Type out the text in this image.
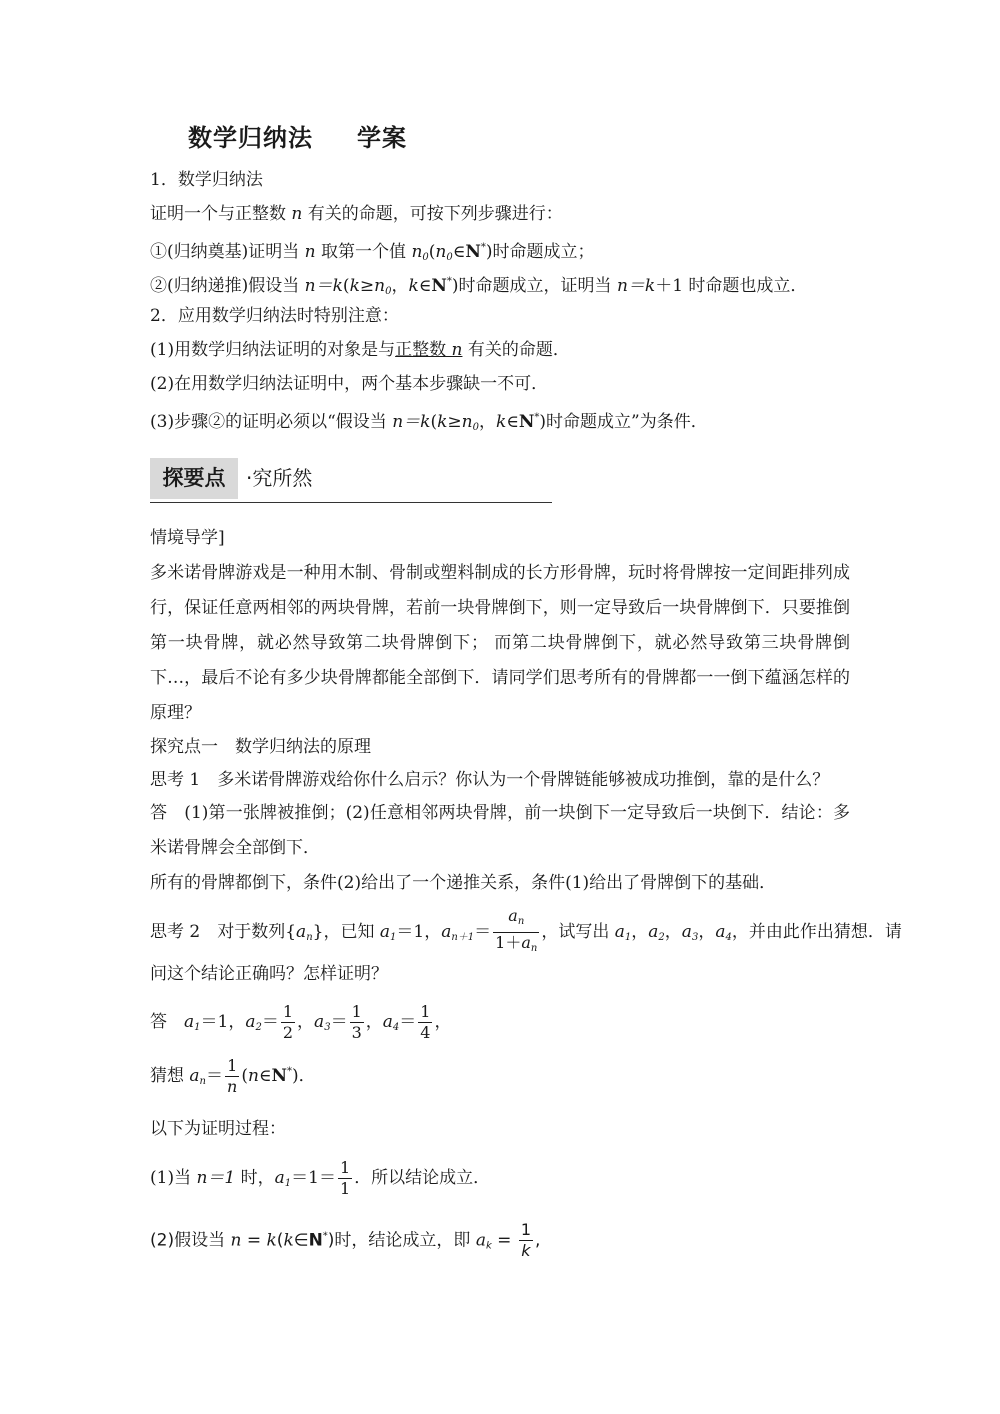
数学归纳法 学案
1．数学归纳法
证明一个与正整数 n 有关的命题，可按下列步骤进行：
①(归纳奠基)证明当 n 取第一个值 $n_0(n_0\in N^*)$时命题成立；
②(归纳递推)假设当 $n=k(k\ge n_0$，k∈N*)时命题成立，证明当 n＝k＋1 时命题也成立．
2．应用数学归纳法时特别注意：
(1)用数学归纳法证明的对象是与正整数 n 有关的命题．
(2)在用数学归纳法证明中，两个基本步骤缺一不可．
(3)步骤②的证明必须以“假设当 $n=k(k\ge n_0$，k∈N*)时命题成立”为条件．
探要点	·究所然
情境导学]
多米诺骨牌游戏是一种用木制、骨制或塑料制成的长方形骨牌，玩时将骨牌按一定间距排列成行，保证任意两相邻的两块骨牌，若前一块骨牌倒下，则一定导致后一块骨牌倒下．只要推倒第一块骨牌，就必然导致第二块骨牌倒下； 而第二块骨牌倒下，就必然导致第三块骨牌倒下…，最后不论有多少块骨牌都能全部倒下．请同学们思考所有的骨牌都一一倒下蕴涵怎样的原理？
探究点一　数学归纳法的原理
思考 1　多米诺骨牌游戏给你什么启示？你认为一个骨牌链能够被成功推倒，靠的是什么？
答　(1)第一张牌被推倒；(2)任意相邻两块骨牌，前一块倒下一定导致后一块倒下．结论：多米诺骨牌会全部倒下．
所有的骨牌都倒下，条件(2)给出了一个递推关系，条件(1)给出了骨牌倒下的基础．
思考 2　对于数列$\{a_n\}$，已知 $a_1=1$，$a_{n+1}= \frac{a_n}{1+a_n}$ ，试写出 $a_1$，$a_2$，$a_3$，$a_4$，并由此作出猜想．请
问这个结论正确吗？怎样证明？
答　$a_1=1$，$a_2= \frac{1}{2}$ ，$a_3= \frac{1}{3}$ ，$a_4= \frac{1}{4}$ ，
猜想 $a_n= \frac{1}{n}$ (n∈N*)．
以下为证明过程：
(1)当 n＝1 时，$a_1=1= \frac{1}{1}$ ．所以结论成立．
(2)假设当 n = k(k∈N*)时，结论成立，即 $a_k = \frac{1}{k}$ ,
